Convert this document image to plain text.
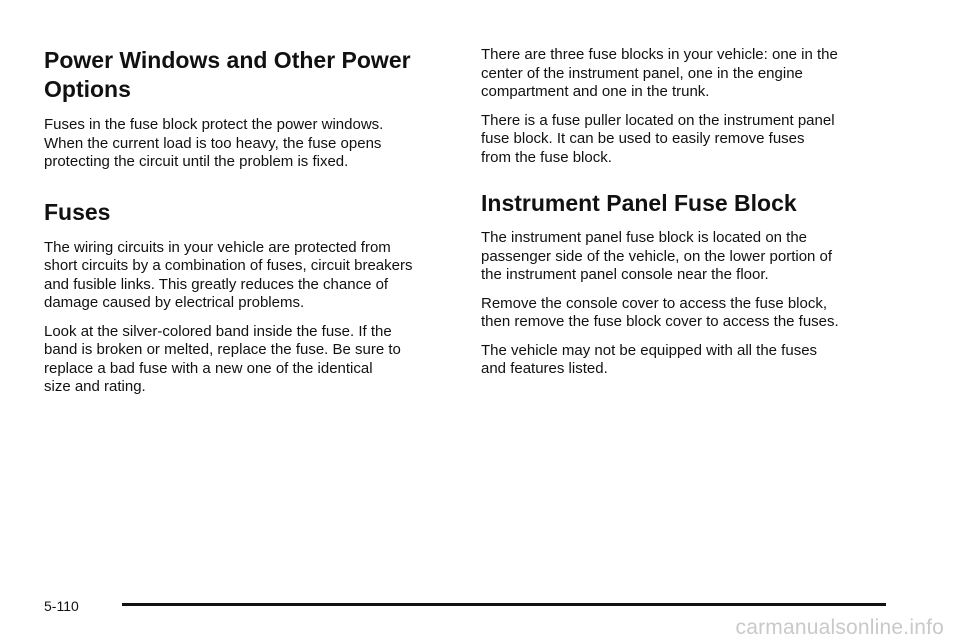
Power Windows and Other Power
Options

Fuses in the fuse block protect the power windows.
When the current load is too heavy, the fuse opens
protecting the circuit until the problem is fixed.

Fuses

The wiring circuits in your vehicle are protected from
short circuits by a combination of fuses, circuit breakers
and fusible links. This greatly reduces the chance of
damage caused by electrical problems.

Look at the silver-colored band inside the fuse. If the
band is broken or melted, replace the fuse. Be sure to
replace a bad fuse with a new one of the identical
size and rating.

There are three fuse blocks in your vehicle: one in the
center of the instrument panel, one in the engine
compartment and one in the trunk.

There is a fuse puller located on the instrument panel
fuse block. It can be used to easily remove fuses
from the fuse block.

Instrument Panel Fuse Block

The instrument panel fuse block is located on the
passenger side of the vehicle, on the lower portion of
the instrument panel console near the floor.

Remove the console cover to access the fuse block,
then remove the fuse block cover to access the fuses.

The vehicle may not be equipped with all the fuses
and features listed.

5-110
carmanualsonline.info
